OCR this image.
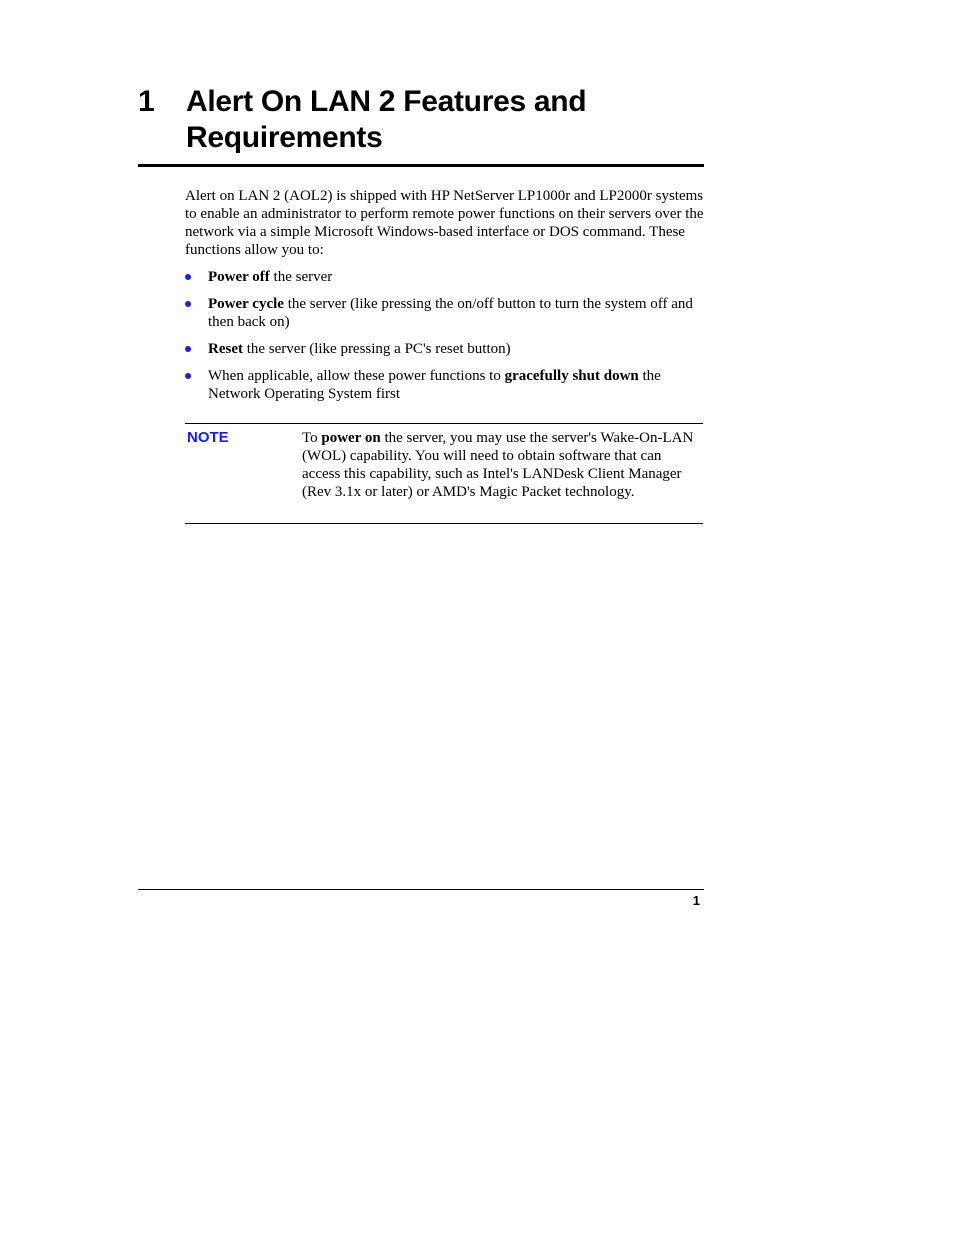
1 Alert On LAN 2 Features and Requirements

Alert on LAN 2 (AOL2) is shipped with HP NetServer LP1000r and LP2000r systems to enable an administrator to perform remote power functions on their servers over the network via a simple Microsoft Windows-based interface or DOS command. These functions allow you to:

Power off the server
Power cycle the server (like pressing the on/off button to turn the system off and then back on)
Reset the server (like pressing a PC's reset button)
When applicable, allow these power functions to gracefully shut down the Network Operating System first
NOTE	To power on the server, you may use the server's Wake-On-LAN (WOL) capability. You will need to obtain software that can access this capability, such as Intel's LANDesk Client Manager (Rev 3.1x or later) or AMD's Magic Packet technology.

1
